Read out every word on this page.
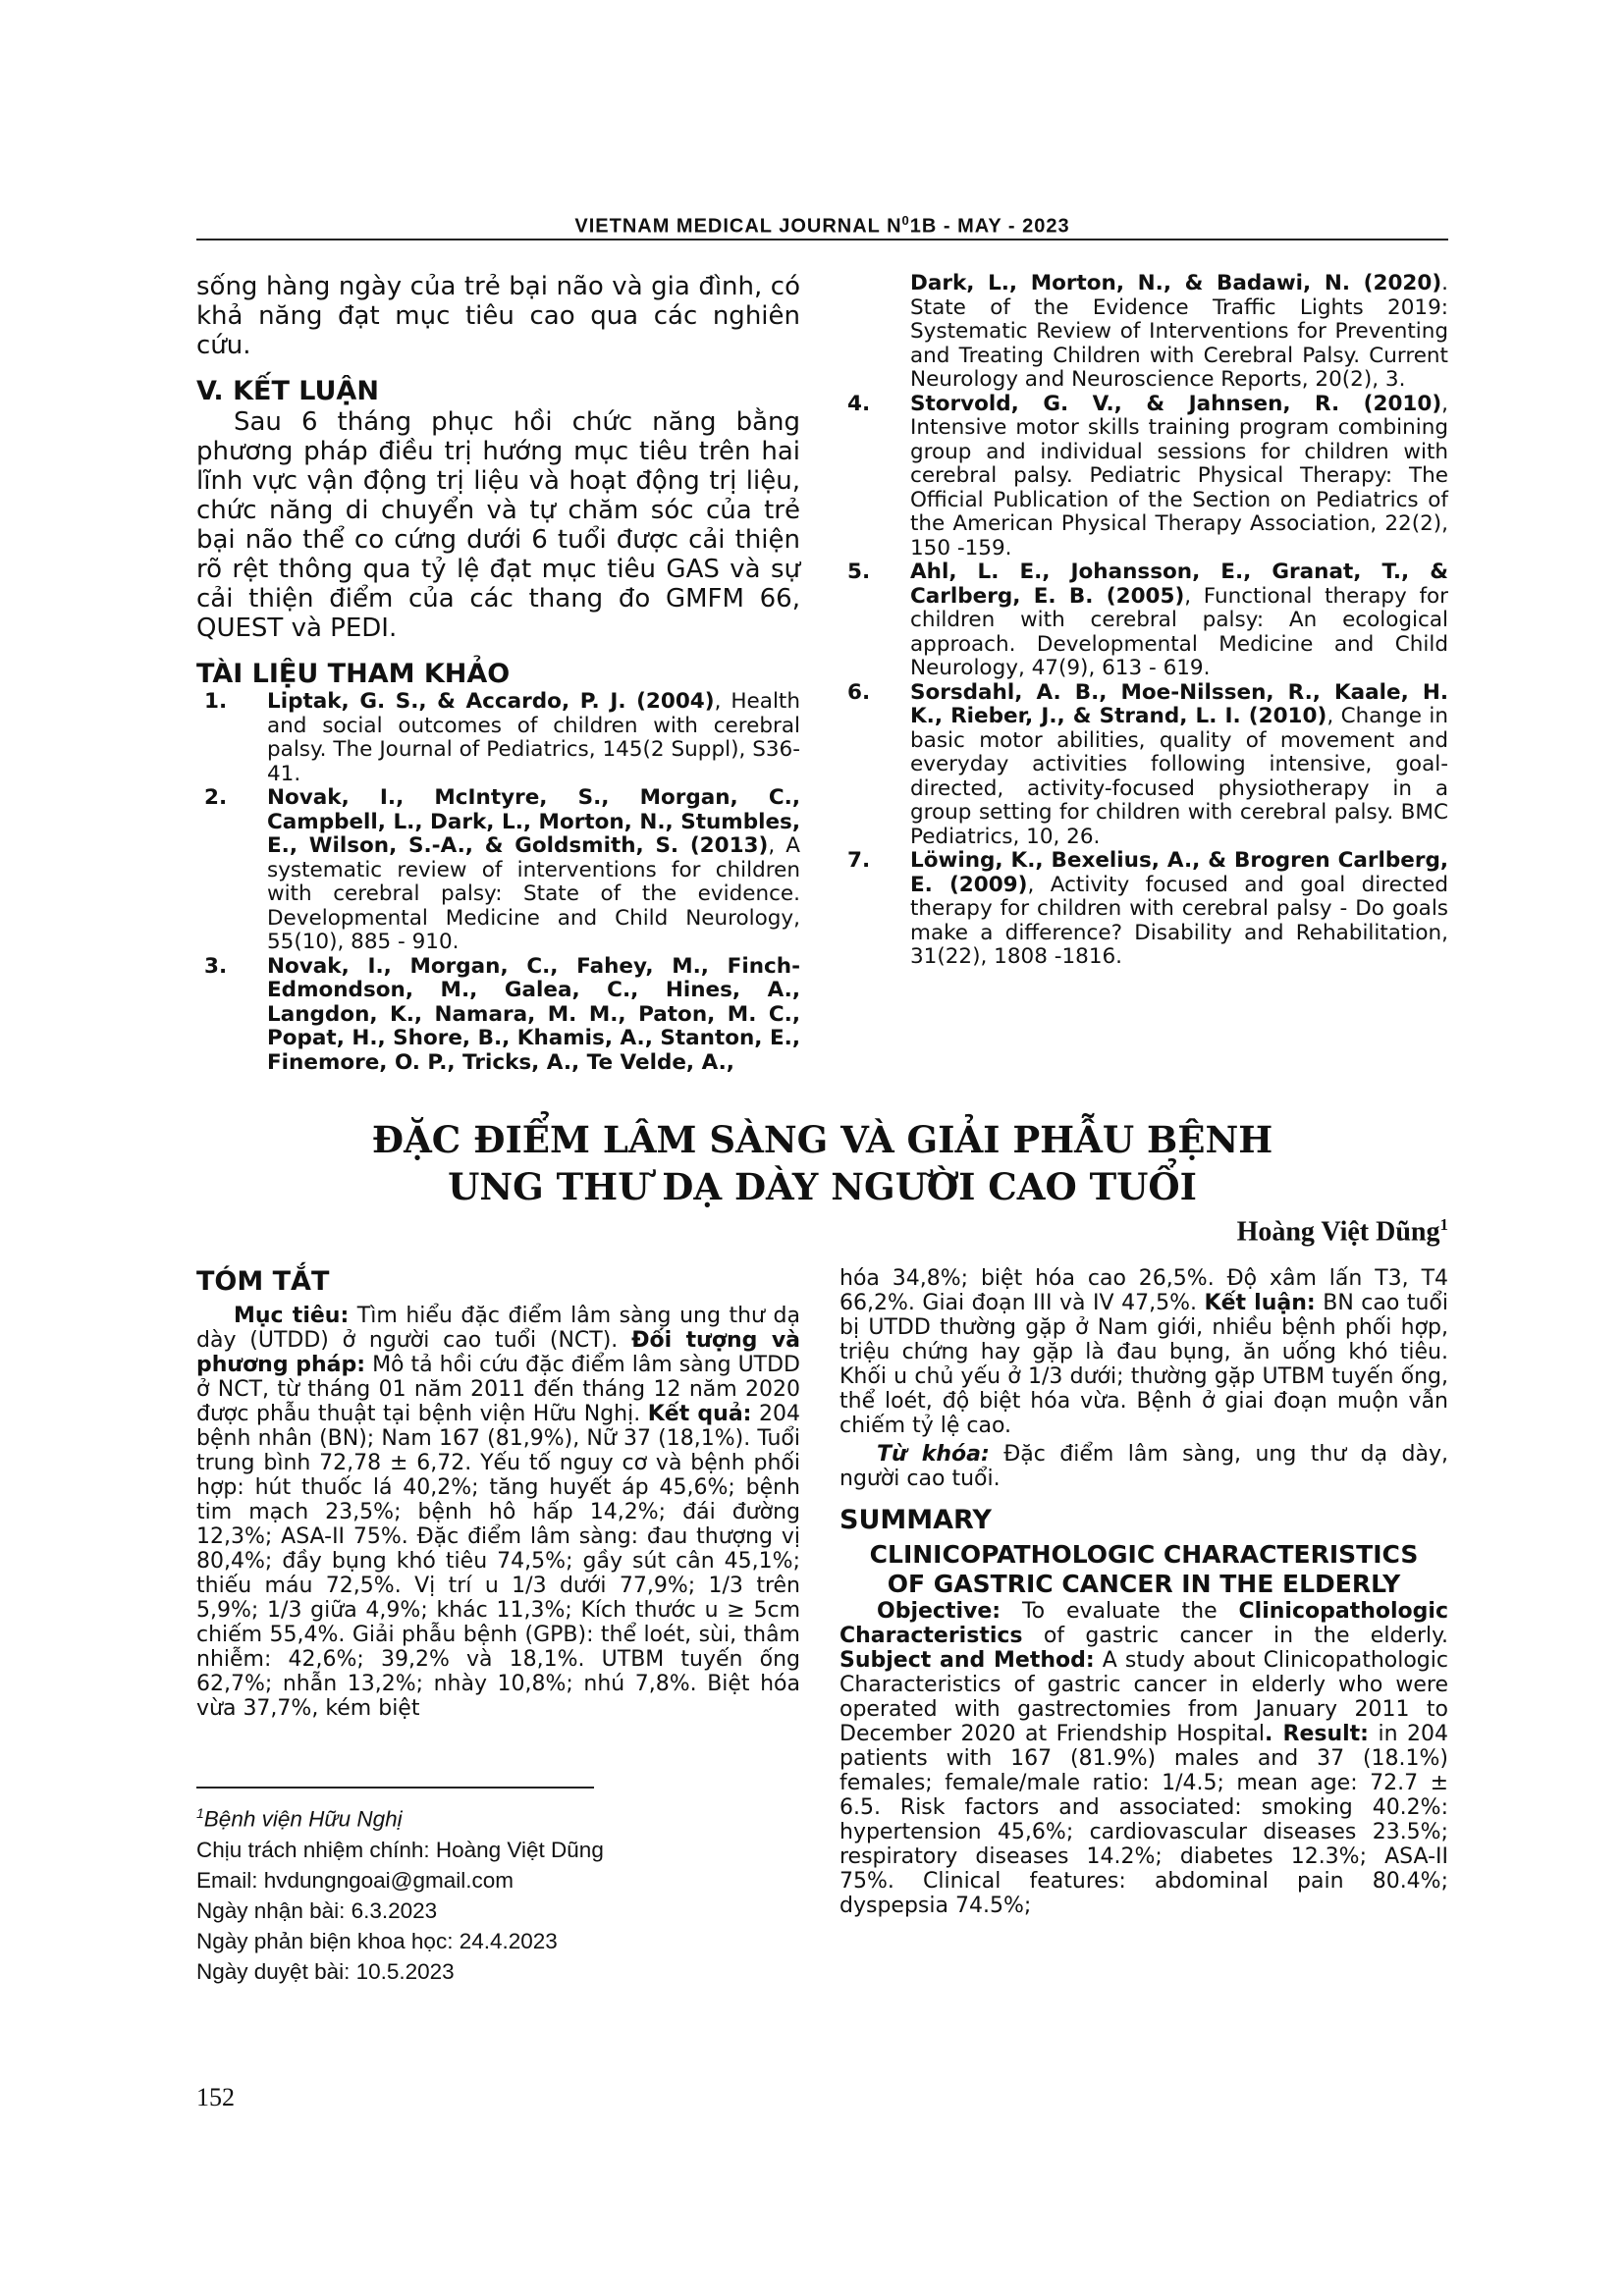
VIETNAM MEDICAL JOURNAL $N^01B$ - MAY - 2023

sống hàng ngày của trẻ bại não và gia đình, có khả năng đạt mục tiêu cao qua các nghiên cứu.

V. KẾT LUẬN

Sau 6 tháng phục hồi chức năng bằng phương pháp điều trị hướng mục tiêu trên hai lĩnh vực vận động trị liệu và hoạt động trị liệu, chức năng di chuyển và tự chăm sóc của trẻ bại não thể co cứng dưới 6 tuổi được cải thiện rõ rệt thông qua tỷ lệ đạt mục tiêu GAS và sự cải thiện điểm của các thang đo GMFM 66, QUEST và PEDI.

TÀI LIỆU THAM KHẢO

1. Liptak, G. S., & Accardo, P. J. (2004), Health and social outcomes of children with cerebral palsy. The Journal of Pediatrics, 145(2 Suppl), S36-41.
2. Novak, I., McIntyre, S., Morgan, C., Campbell, L., Dark, L., Morton, N., Stumbles, E., Wilson, S.-A., & Goldsmith, S. (2013), A systematic review of interventions for children with cerebral palsy: State of the evidence. Developmental Medicine and Child Neurology, 55(10), 885 - 910.
3. Novak, I., Morgan, C., Fahey, M., Finch-Edmondson, M., Galea, C., Hines, A., Langdon, K., Namara, M. M., Paton, M. C., Popat, H., Shore, B., Khamis, A., Stanton, E., Finemore, O. P., Tricks, A., Te Velde, A.,
Dark, L., Morton, N., & Badawi, N. (2020). State of the Evidence Traffic Lights 2019: Systematic Review of Interventions for Preventing and Treating Children with Cerebral Palsy. Current Neurology and Neuroscience Reports, 20(2), 3.
4. Storvold, G. V., & Jahnsen, R. (2010), Intensive motor skills training program combining group and individual sessions for children with cerebral palsy. Pediatric Physical Therapy: The Official Publication of the Section on Pediatrics of the American Physical Therapy Association, 22(2), 150 -159.
5. Ahl, L. E., Johansson, E., Granat, T., & Carlberg, E. B. (2005), Functional therapy for children with cerebral palsy: An ecological approach. Developmental Medicine and Child Neurology, 47(9), 613 - 619.
6. Sorsdahl, A. B., Moe-Nilssen, R., Kaale, H. K., Rieber, J., & Strand, L. I. (2010), Change in basic motor abilities, quality of movement and everyday activities following intensive, goal-directed, activity-focused physiotherapy in a group setting for children with cerebral palsy. BMC Pediatrics, 10, 26.
7. Löwing, K., Bexelius, A., & Brogren Carlberg, E. (2009), Activity focused and goal directed therapy for children with cerebral palsy - Do goals make a difference? Disability and Rehabilitation, 31(22), 1808 -1816.
ĐẶC ĐIỂM LÂM SÀNG VÀ GIẢI PHẪU BỆNH
UNG THƯ DẠ DÀY NGƯỜI CAO TUỔI
Hoàng Việt Dũng$^1$

TÓM TẮT

Mục tiêu: Tìm hiểu đặc điểm lâm sàng ung thư dạ dày (UTDD) ở người cao tuổi (NCT). Đối tượng và phương pháp: Mô tả hồi cứu đặc điểm lâm sàng UTDD ở NCT, từ tháng 01 năm 2011 đến tháng 12 năm 2020 được phẫu thuật tại bệnh viện Hữu Nghị. Kết quả: 204 bệnh nhân (BN); Nam 167 (81,9%), Nữ 37 (18,1%). Tuổi trung bình 72,78 ± 6,72. Yếu tố nguy cơ và bệnh phối hợp: hút thuốc lá 40,2%; tăng huyết áp 45,6%; bệnh tim mạch 23,5%; bệnh hô hấp 14,2%; đái đường 12,3%; ASA-II 75%. Đặc điểm lâm sàng: đau thượng vị 80,4%; đầy bụng khó tiêu 74,5%; gầy sút cân 45,1%; thiếu máu 72,5%. Vị trí u 1/3 dưới 77,9%; 1/3 trên 5,9%; 1/3 giữa 4,9%; khác 11,3%; Kích thước u ≥ 5cm chiếm 55,4%. Giải phẫu bệnh (GPB): thể loét, sùi, thâm nhiễm: 42,6%; 39,2% và 18,1%. UTBM tuyến ống 62,7%; nhẫn 13,2%; nhày 10,8%; nhú 7,8%. Biệt hóa vừa 37,7%, kém biệt

$^1$Bệnh viện Hữu Nghị
Chịu trách nhiệm chính: Hoàng Việt Dũng
Email: hvdungngoai@gmail.com
Ngày nhận bài: 6.3.2023
Ngày phản biện khoa học: 24.4.2023
Ngày duyệt bài: 10.5.2023
152

hóa 34,8%; biệt hóa cao 26,5%. Độ xâm lấn T3, T4 66,2%. Giai đoạn III và IV 47,5%. Kết luận: BN cao tuổi bị UTDD thường gặp ở Nam giới, nhiều bệnh phối hợp, triệu chứng hay gặp là đau bụng, ăn uống khó tiêu. Khối u chủ yếu ở 1/3 dưới; thường gặp UTBM tuyến ống, thể loét, độ biệt hóa vừa. Bệnh ở giai đoạn muộn vẫn chiếm tỷ lệ cao.

Từ khóa: Đặc điểm lâm sàng, ung thư dạ dày, người cao tuổi.

SUMMARY

CLINICOPATHOLOGIC CHARACTERISTICS
OF GASTRIC CANCER IN THE ELDERLY

Objective: To evaluate the Clinicopathologic Characteristics of gastric cancer in the elderly. Subject and Method: A study about Clinicopathologic Characteristics of gastric cancer in elderly who were operated with gastrectomies from January 2011 to December 2020 at Friendship Hospital. Result: in 204 patients with 167 (81.9%) males and 37 (18.1%) females; female/male ratio: 1/4.5; mean age: 72.7 ± 6.5. Risk factors and associated: smoking 40.2%: hypertension 45,6%; cardiovascular diseases 23.5%; respiratory diseases 14.2%; diabetes 12.3%; ASA-II 75%. Clinical features: abdominal pain 80.4%; dyspepsia 74.5%;
